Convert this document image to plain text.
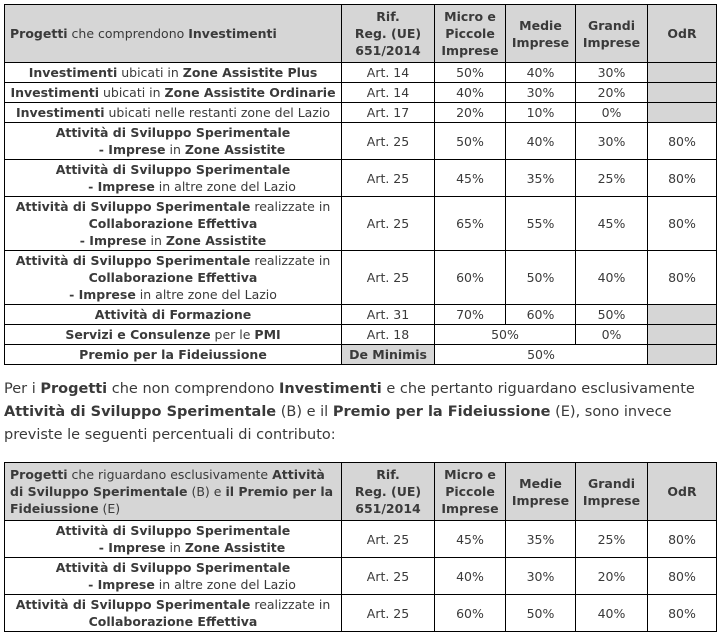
Progetti che comprendono Investimenti	Rif.
Reg. (UE)
651/2014	Micro e
Piccole
Imprese	Medie
Imprese	Grandi
Imprese	OdR

Investimenti ubicati in Zone Assistite Plus	Art. 14	50%	40%	30%	

Investimenti ubicati in Zone Assistite Ordinarie	Art. 14	40%	30%	20%	

Investimenti ubicati nelle restanti zone del Lazio	Art. 17	20%	10%	0%	

Attività di Sviluppo Sperimentale
- Imprese in Zone Assistite	Art. 25	50%	40%	30%	80%

Attività di Sviluppo Sperimentale
- Imprese in altre zone del Lazio	Art. 25	45%	35%	25%	80%

Attività di Sviluppo Sperimentale realizzate in
Collaborazione Effettiva
- Imprese in Zone Assistite	Art. 25	65%	55%	45%	80%

Attività di Sviluppo Sperimentale realizzate in
Collaborazione Effettiva
- Imprese in altre zone del Lazio	Art. 25	60%	50%	40%	80%
Attività di Formazione	Art. 31	70%	60%	50%	
Servizi e Consulenze per le PMI	Art. 18	50%		0%	
Premio per la Fideiussione	De Minimis	50%			

Per i Progetti che non comprendono Investimenti e che pertanto riguardano esclusivamente Attività di Sviluppo Sperimentale (B) e il Premio per la Fideiussione (E), sono invece previste le seguenti percentuali di contributo:

Progetti che riguardano esclusivamente Attività di Sviluppo Sperimentale (B) e il Premio per la Fideiussione (E)	Rif.
Reg. (UE)
651/2014	Micro e
Piccole
Imprese	Medie
Imprese	Grandi
Imprese	OdR

Attività di Sviluppo Sperimentale
- Imprese in Zone Assistite	Art. 25	45%	35%	25%	80%

Attività di Sviluppo Sperimentale
- Imprese in altre zone del Lazio	Art. 25	40%	30%	20%	80%

Attività di Sviluppo Sperimentale realizzate in
Collaborazione Effettiva	Art. 25	60%	50%	40%	80%
